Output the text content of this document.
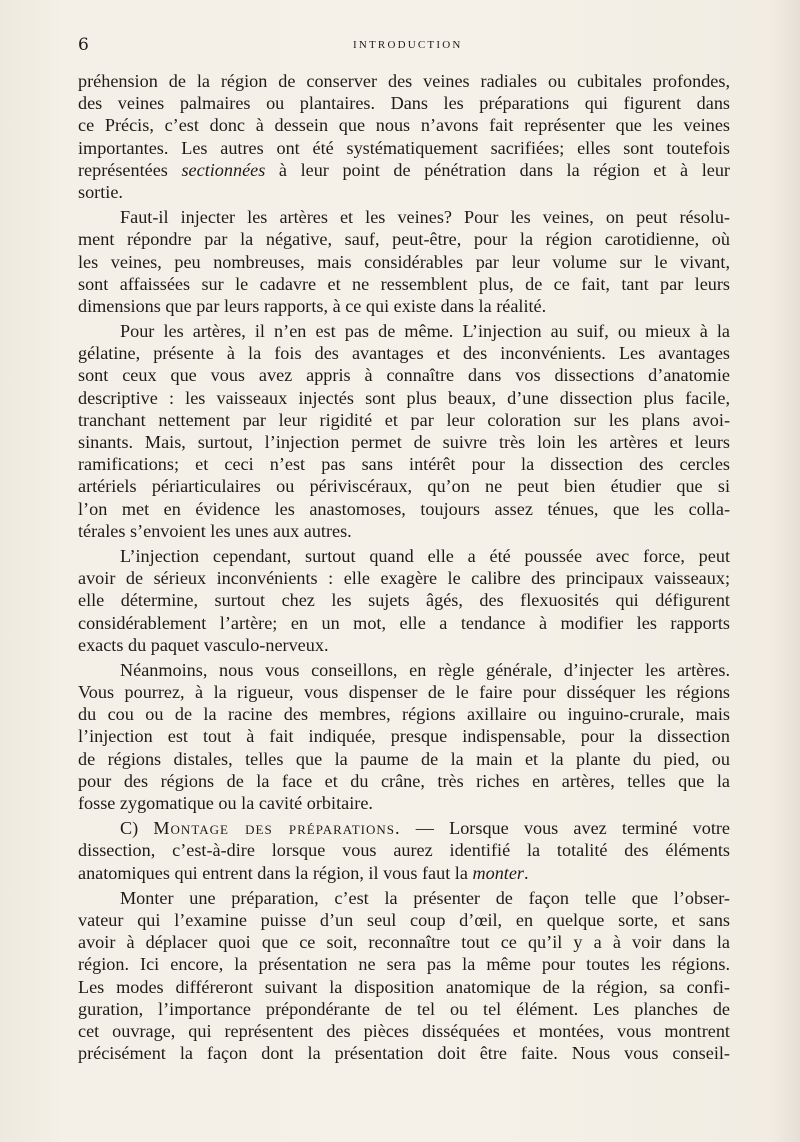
6	INTRODUCTION
préhension de la région de conserver des veines radiales ou cubitales profondes,
des veines palmaires ou plantaires. Dans les préparations qui figurent dans
ce Précis, c’est donc à dessein que nous n’avons fait représenter que les veines
importantes. Les autres ont été systématiquement sacrifiées; elles sont toutefois
représentées sectionnées à leur point de pénétration dans la région et à leur
sortie.
Faut-il injecter les artères et les veines? Pour les veines, on peut résolu-
ment répondre par la négative, sauf, peut-être, pour la région carotidienne, où
les veines, peu nombreuses, mais considérables par leur volume sur le vivant,
sont affaissées sur le cadavre et ne ressemblent plus, de ce fait, tant par leurs
dimensions que par leurs rapports, à ce qui existe dans la réalité.
Pour les artères, il n’en est pas de même. L’injection au suif, ou mieux à la
gélatine, présente à la fois des avantages et des inconvénients. Les avantages
sont ceux que vous avez appris à connaître dans vos dissections d’anatomie
descriptive : les vaisseaux injectés sont plus beaux, d’une dissection plus facile,
tranchant nettement par leur rigidité et par leur coloration sur les plans avoi-
sinants. Mais, surtout, l’injection permet de suivre très loin les artères et leurs
ramifications; et ceci n’est pas sans intérêt pour la dissection des cercles
artériels périarticulaires ou périviscéraux, qu’on ne peut bien étudier que si
l’on met en évidence les anastomoses, toujours assez ténues, que les colla-
térales s’envoient les unes aux autres.
L’injection cependant, surtout quand elle a été poussée avec force, peut
avoir de sérieux inconvénients : elle exagère le calibre des principaux vaisseaux;
elle détermine, surtout chez les sujets âgés, des flexuosités qui défigurent
considérablement l’artère; en un mot, elle a tendance à modifier les rapports
exacts du paquet vasculo-nerveux.
Néanmoins, nous vous conseillons, en règle générale, d’injecter les artères.
Vous pourrez, à la rigueur, vous dispenser de le faire pour disséquer les régions
du cou ou de la racine des membres, régions axillaire ou inguino-crurale, mais
l’injection est tout à fait indiquée, presque indispensable, pour la dissection
de régions distales, telles que la paume de la main et la plante du pied, ou
pour des régions de la face et du crâne, très riches en artères, telles que la
fosse zygomatique ou la cavité orbitaire.
C) Montage des préparations. — Lorsque vous avez terminé votre
dissection, c’est-à-dire lorsque vous aurez identifié la totalité des éléments
anatomiques qui entrent dans la région, il vous faut la monter.
Monter une préparation, c’est la présenter de façon telle que l’obser-
vateur qui l’examine puisse d’un seul coup d’œil, en quelque sorte, et sans
avoir à déplacer quoi que ce soit, reconnaître tout ce qu’il y a à voir dans la
région. Ici encore, la présentation ne sera pas la même pour toutes les régions.
Les modes différeront suivant la disposition anatomique de la région, sa confi-
guration, l’importance prépondérante de tel ou tel élément. Les planches de
cet ouvrage, qui représentent des pièces disséquées et montées, vous montrent
précisément la façon dont la présentation doit être faite. Nous vous conseil-
